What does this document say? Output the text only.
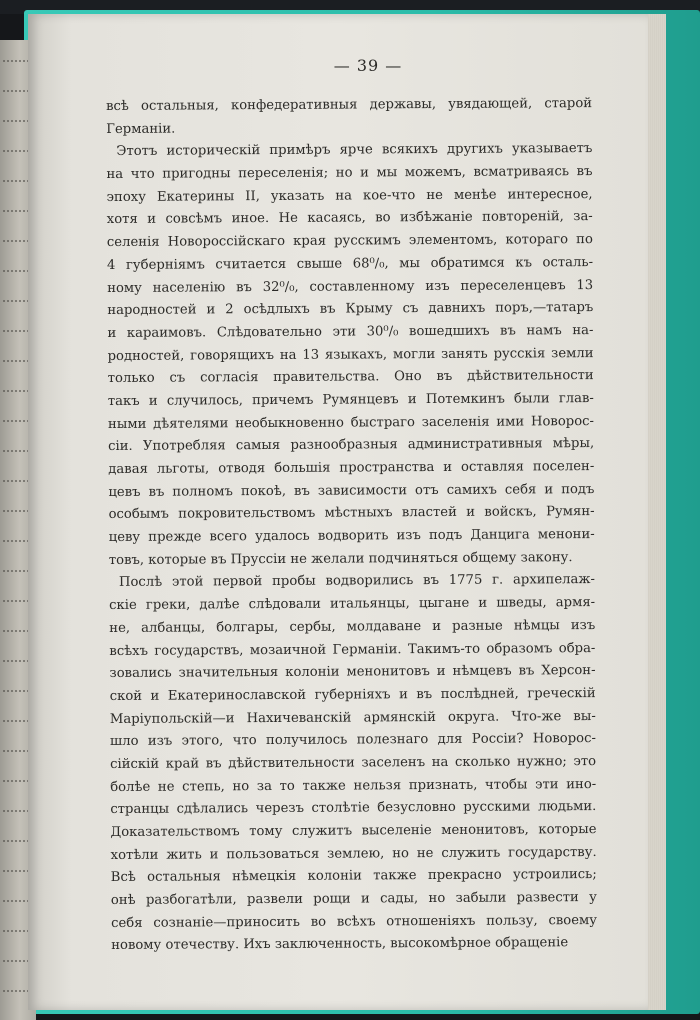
— 39 —
всѣ остальныя, конфедеративныя державы, увядающей, старой
Германіи.
Этотъ историческій примѣръ ярче всякихъ другихъ указываетъ
на что пригодны переселенія; но и мы можемъ, всматриваясь въ
эпоху Екатерины II, указать на кое-что не менѣе интересное,
хотя и совсѣмъ иное. Не касаясь, во избѣжаніе повтореній, за-
селенія Новороссійскаго края русскимъ элементомъ, котораго по
4 губерніямъ считается свыше 68⁰/₀, мы обратимся къ осталь-
ному населенію въ 32⁰/₀, составленному изъ переселенцевъ 13
народностей и 2 осѣдлыхъ въ Крыму съ давнихъ поръ,—татаръ
и караимовъ. Слѣдовательно эти 30⁰/₀ вошедшихъ въ намъ на-
родностей, говорящихъ на 13 языкахъ, могли занять русскія земли
только съ согласія правительства. Оно въ дѣйствительности
такъ и случилось, причемъ Румянцевъ и Потемкинъ были глав-
ными дѣятелями необыкновенно быстраго заселенія ими Новорос-
сіи. Употребляя самыя разнообразныя административныя мѣры,
давая льготы, отводя большія пространства и оставляя поселен-
цевъ въ полномъ покоѣ, въ зависимости отъ самихъ себя и подъ
особымъ покровительствомъ мѣстныхъ властей и войскъ, Румян-
цеву прежде всего удалось водворить изъ подъ Данцига менони-
товъ, которые въ Пруссіи не желали подчиняться общему закону.
Послѣ этой первой пробы водворились въ 1775 г. архипелаж-
скіе греки, далѣе слѣдовали итальянцы, цыгане и шведы, армя-
не, албанцы, болгары, сербы, молдаване и разные нѣмцы изъ
всѣхъ государствъ, мозаичной Германіи. Такимъ-то образомъ обра-
зовались значительныя колоніи менонитовъ и нѣмцевъ въ Херсон-
ской и Екатеринославской губерніяхъ и въ послѣдней, греческій
Маріупольскій—и Нахичеванскій армянскій округа. Что-же вы-
шло изъ этого, что получилось полезнаго для Россіи? Новорос-
сійскій край въ дѣйствительности заселенъ на сколько нужно; это
болѣе не степь, но за то также нельзя признать, чтобы эти ино-
странцы сдѣлались черезъ столѣтіе безусловно русскими людьми.
Доказательствомъ тому служитъ выселеніе менонитовъ, которые
хотѣли жить и пользоваться землею, но не служить государству.
Всѣ остальныя нѣмецкія колоніи также прекрасно устроились;
онѣ разбогатѣли, развели рощи и сады, но забыли развести у
себя сознаніе—приносить во всѣхъ отношеніяхъ пользу, своему
новому отечеству. Ихъ заключенность, высокомѣрное обращеніе
